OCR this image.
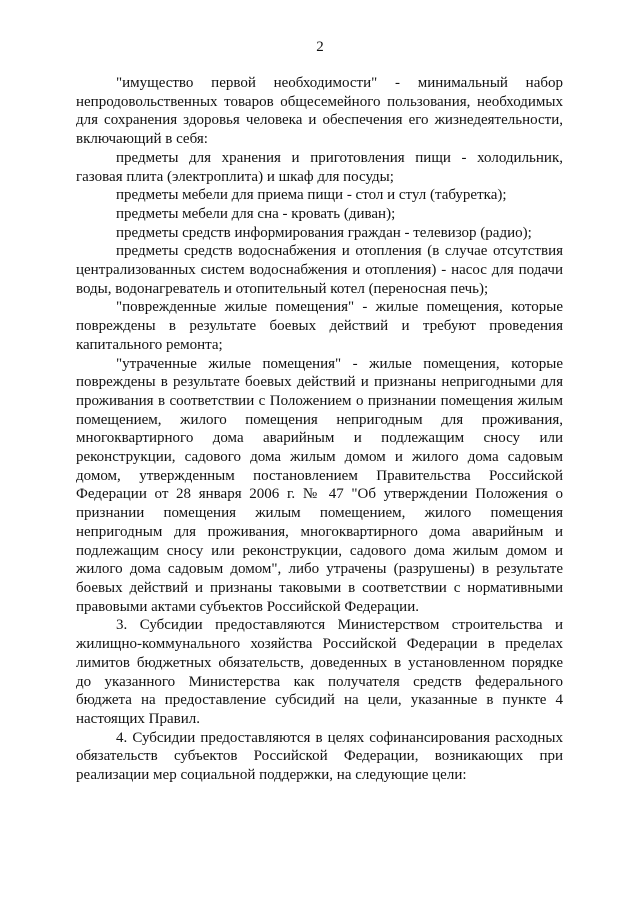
2

"имущество первой необходимости" - минимальный набор непродовольственных товаров общесемейного пользования, необходимых для сохранения здоровья человека и обеспечения его жизнедеятельности, включающий в себя:

предметы для хранения и приготовления пищи - холодильник, газовая плита (электроплита) и шкаф для посуды;

предметы мебели для приема пищи - стол и стул (табуретка);

предметы мебели для сна - кровать (диван);

предметы средств информирования граждан - телевизор (радио);

предметы средств водоснабжения и отопления (в случае отсутствия централизованных систем водоснабжения и отопления) - насос для подачи воды, водонагреватель и отопительный котел (переносная печь);

"поврежденные жилые помещения" - жилые помещения, которые повреждены в результате боевых действий и требуют проведения капитального ремонта;

"утраченные жилые помещения" - жилые помещения, которые повреждены в результате боевых действий и признаны непригодными для проживания в соответствии с Положением о признании помещения жилым помещением, жилого помещения непригодным для проживания, многоквартирного дома аварийным и подлежащим сносу или реконструкции, садового дома жилым домом и жилого дома садовым домом, утвержденным постановлением Правительства Российской Федерации от 28 января 2006 г. № 47 "Об утверждении Положения о признании помещения жилым помещением, жилого помещения непригодным для проживания, многоквартирного дома аварийным и подлежащим сносу или реконструкции, садового дома жилым домом и жилого дома садовым домом", либо утрачены (разрушены) в результате боевых действий и признаны таковыми в соответствии с нормативными правовыми актами субъектов Российской Федерации.

3. Субсидии предоставляются Министерством строительства и жилищно-коммунального хозяйства Российской Федерации в пределах лимитов бюджетных обязательств, доведенных в установленном порядке до указанного Министерства как получателя средств федерального бюджета на предоставление субсидий на цели, указанные в пункте 4 настоящих Правил.

4. Субсидии предоставляются в целях софинансирования расходных обязательств субъектов Российской Федерации, возникающих при реализации мер социальной поддержки, на следующие цели:
